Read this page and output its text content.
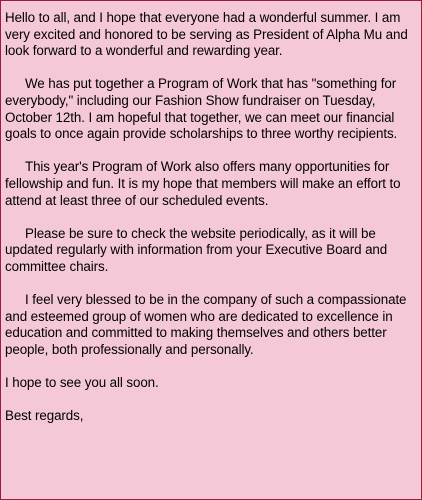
Hello to all, and I hope that everyone had a wonderful summer. I am very excited and honored to be serving as President of Alpha Mu and look forward to a wonderful and rewarding year.

We has put together a Program of Work that has "something for everybody," including our Fashion Show fundraiser on Tuesday, October 12th. I am hopeful that together, we can meet our financial goals to once again provide scholarships to three worthy recipients.

This year's Program of Work also offers many opportunities for fellowship and fun. It is my hope that members will make an effort to attend at least three of our scheduled events.

Please be sure to check the website periodically, as it will be updated regularly with information from your Executive Board and committee chairs.

I feel very blessed to be in the company of such a compassionate and esteemed group of women who are dedicated to excellence in education and committed to making themselves and others better people, both professionally and personally.

I hope to see you all soon.

Best regards,
